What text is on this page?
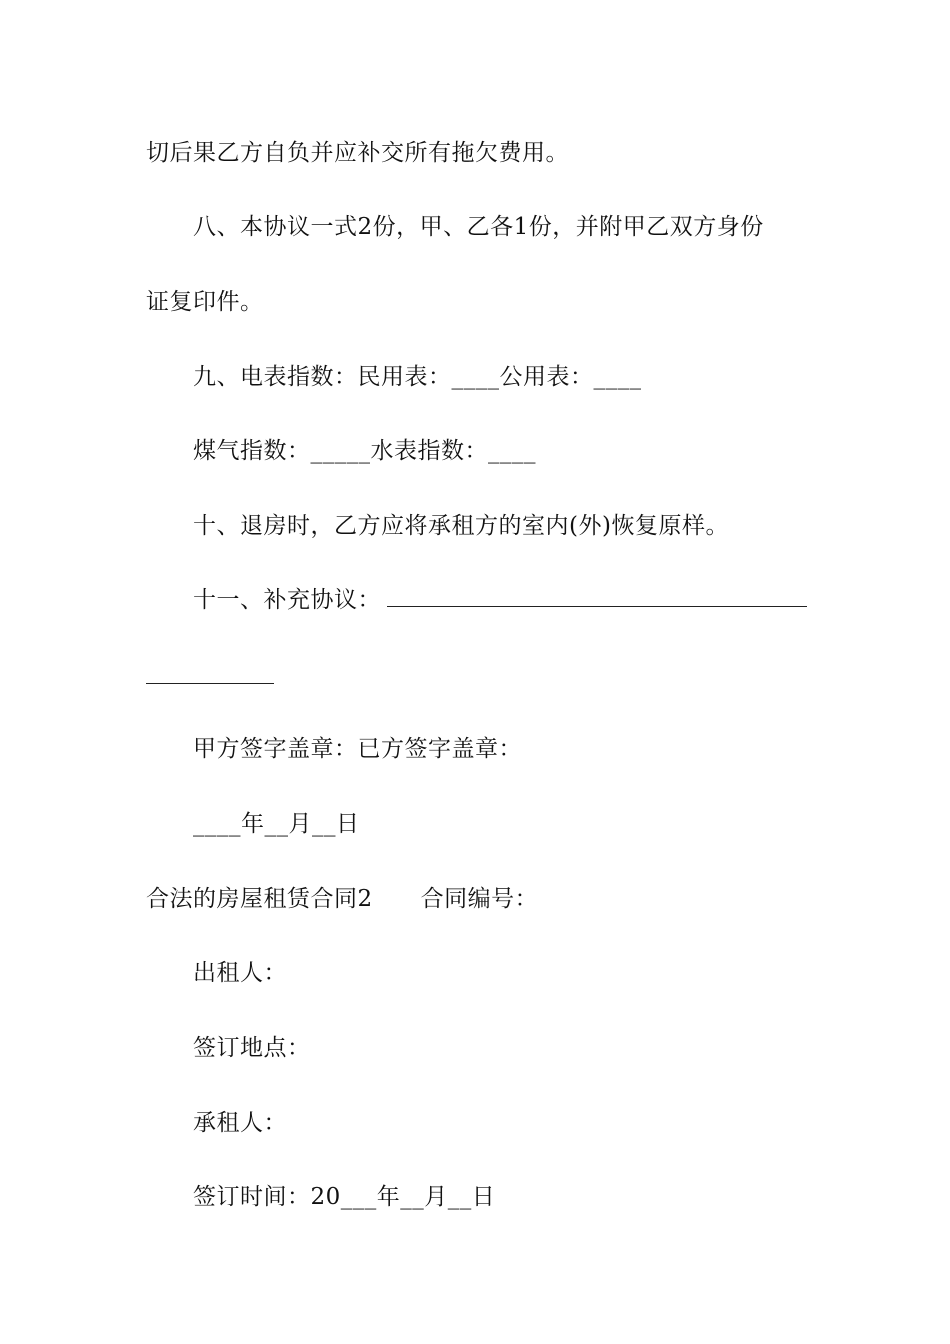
切后果乙方自负并应补交所有拖欠费用。
八、本协议一式2份，甲、乙各1份，并附甲乙双方身份
证复印件。
九、电表指数：民用表：____公用表：____
煤气指数：_____水表指数：____
十、退房时，乙方应将承租方的室内(外)恢复原样。
十一、补充协议：
甲方签字盖章：已方签字盖章：
____年__月__日
合法的房屋租赁合同2 合同编号：
出租人：
签订地点：
承租人：
签订时间：20___年__月__日
